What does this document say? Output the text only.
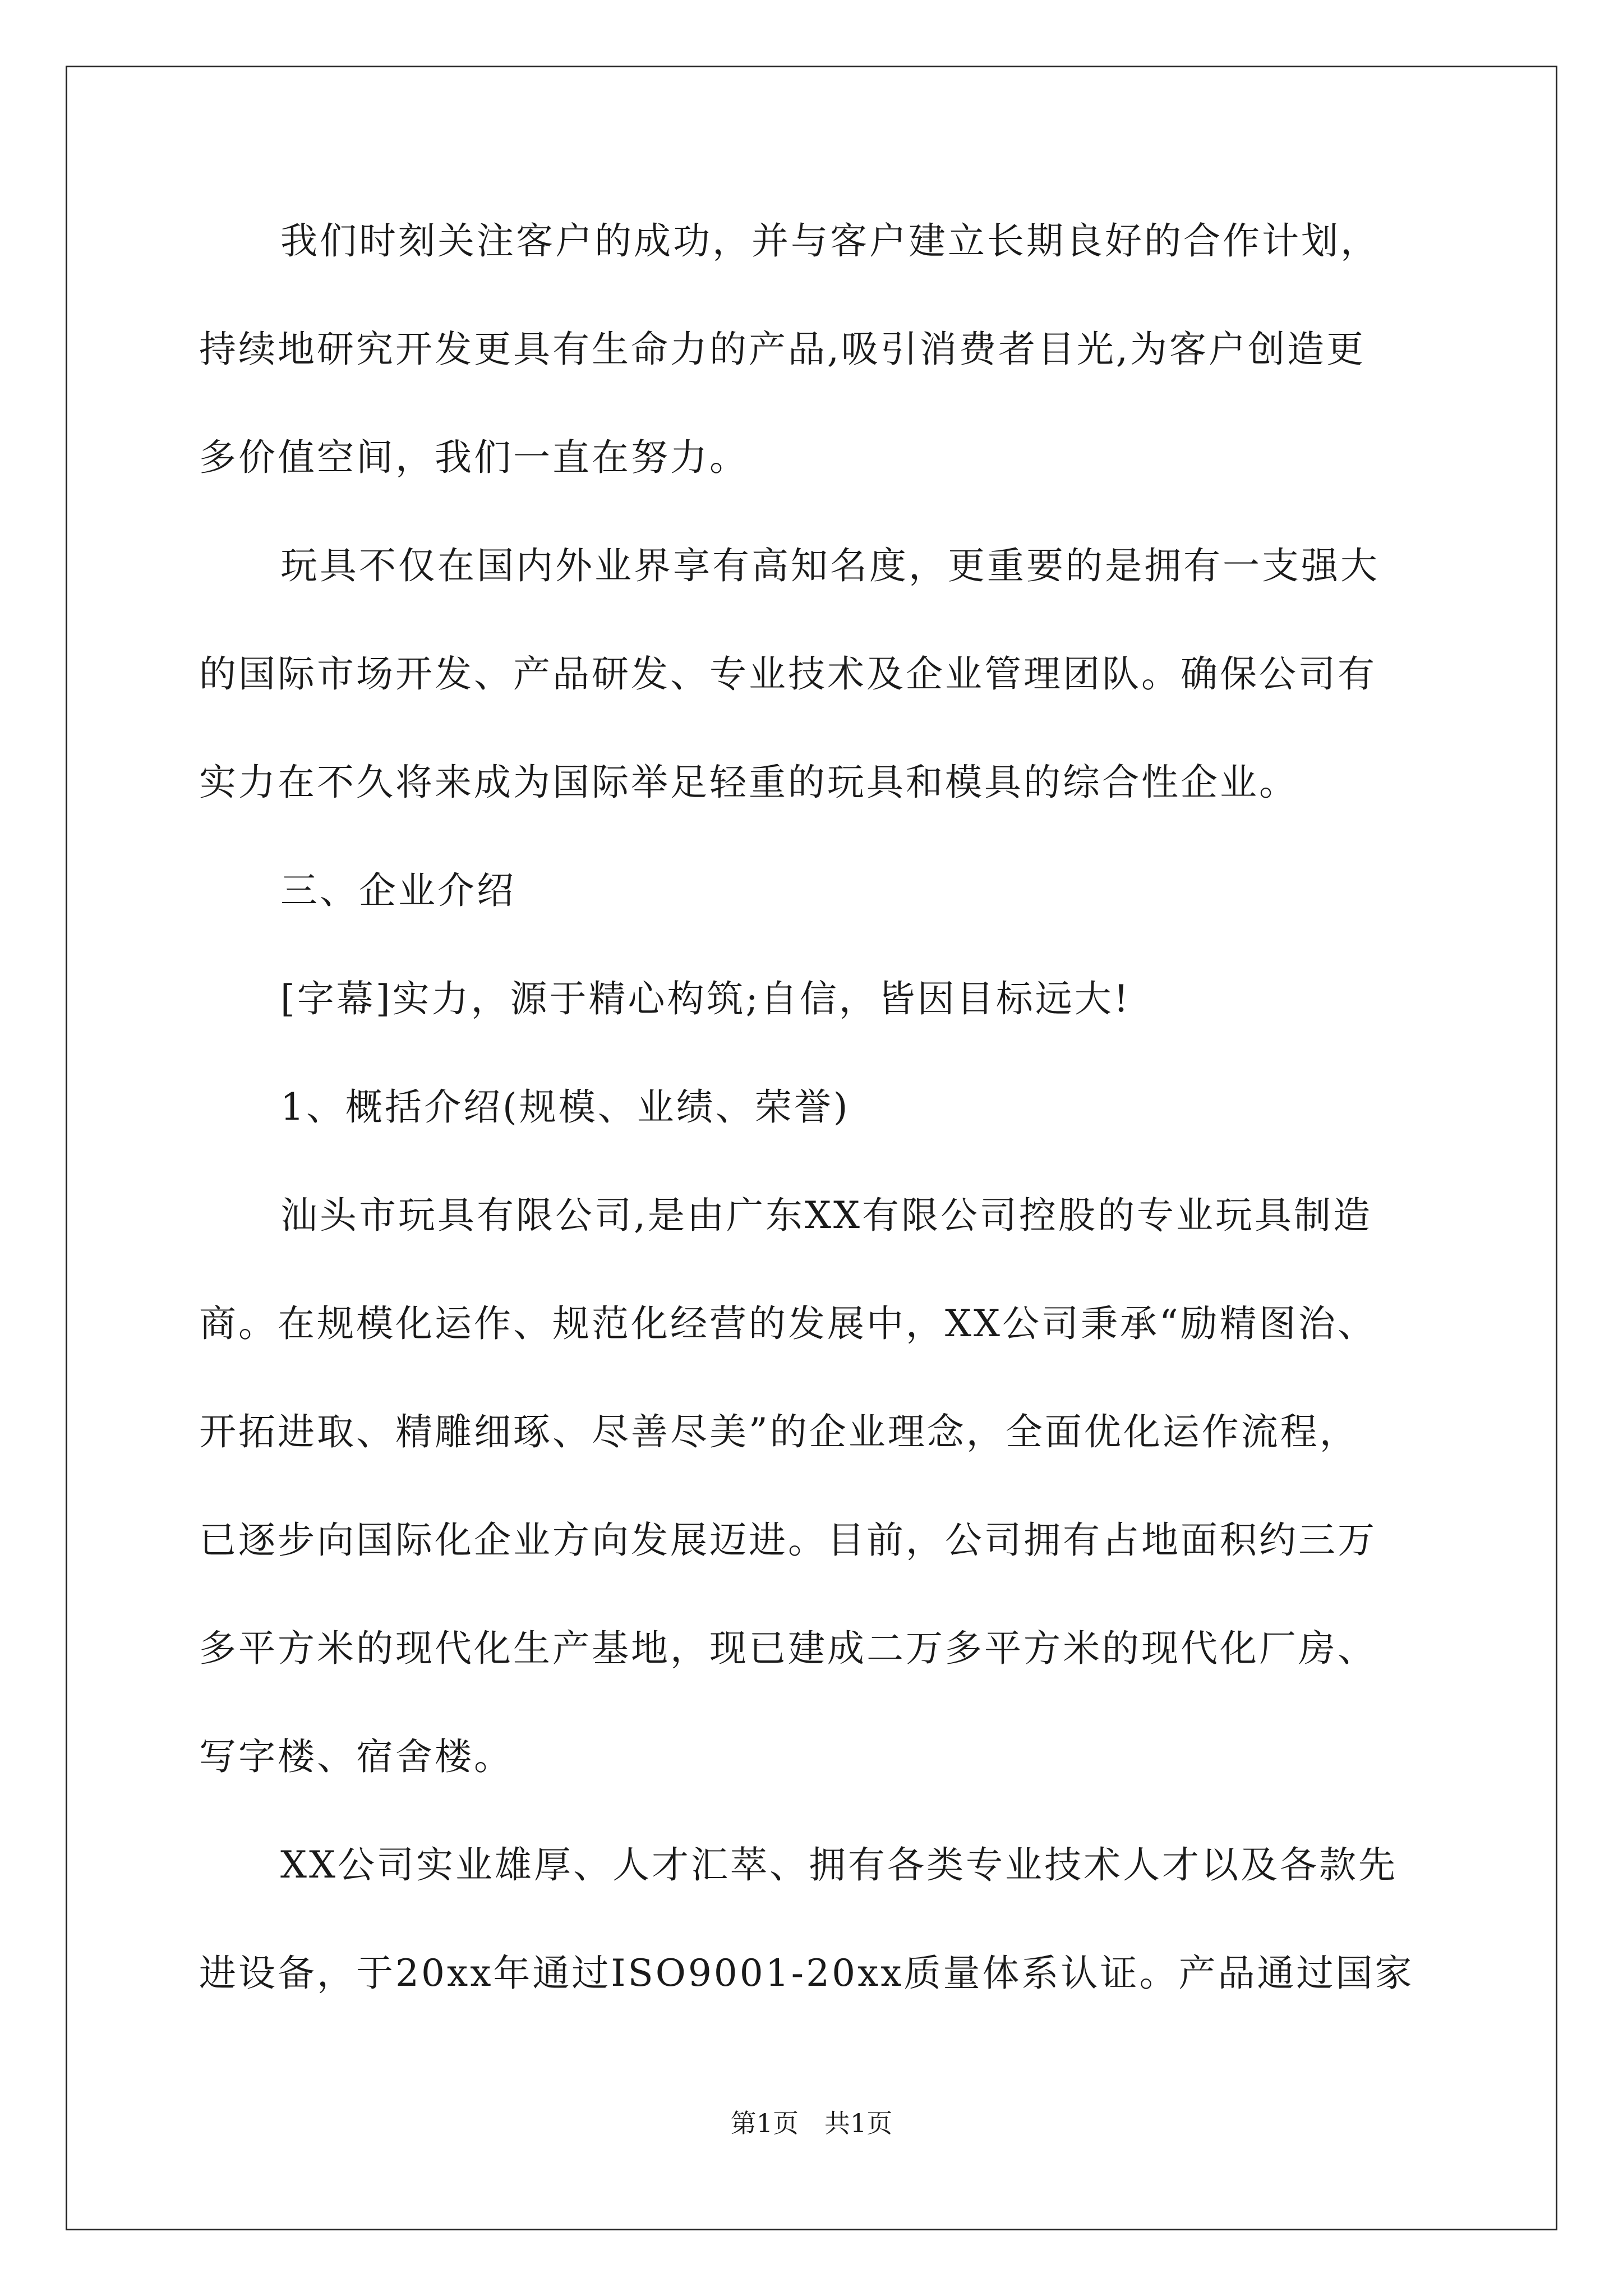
我们时刻关注客户的成功，并与客户建立长期良好的合作计划，
持续地研究开发更具有生命力的产品,吸引消费者目光,为客户创造更
多价值空间，我们一直在努力。
玩具不仅在国内外业界享有高知名度，更重要的是拥有一支强大
的国际市场开发、产品研发、专业技术及企业管理团队。确保公司有
实力在不久将来成为国际举足轻重的玩具和模具的综合性企业。
三、企业介绍
[字幕]实力，源于精心构筑;自信，皆因目标远大!
1、概括介绍(规模、业绩、荣誉)
汕头市玩具有限公司,是由广东XX有限公司控股的专业玩具制造
商。在规模化运作、规范化经营的发展中，XX公司秉承“励精图治、
开拓进取、精雕细琢、尽善尽美”的企业理念，全面优化运作流程，
已逐步向国际化企业方向发展迈进。目前，公司拥有占地面积约三万
多平方米的现代化生产基地，现已建成二万多平方米的现代化厂房、
写字楼、宿舍楼。
XX公司实业雄厚、人才汇萃、拥有各类专业技术人才以及各款先
进设备，于20xx年通过ISO9001-20xx质量体系认证。产品通过国家
第1页　共1页
